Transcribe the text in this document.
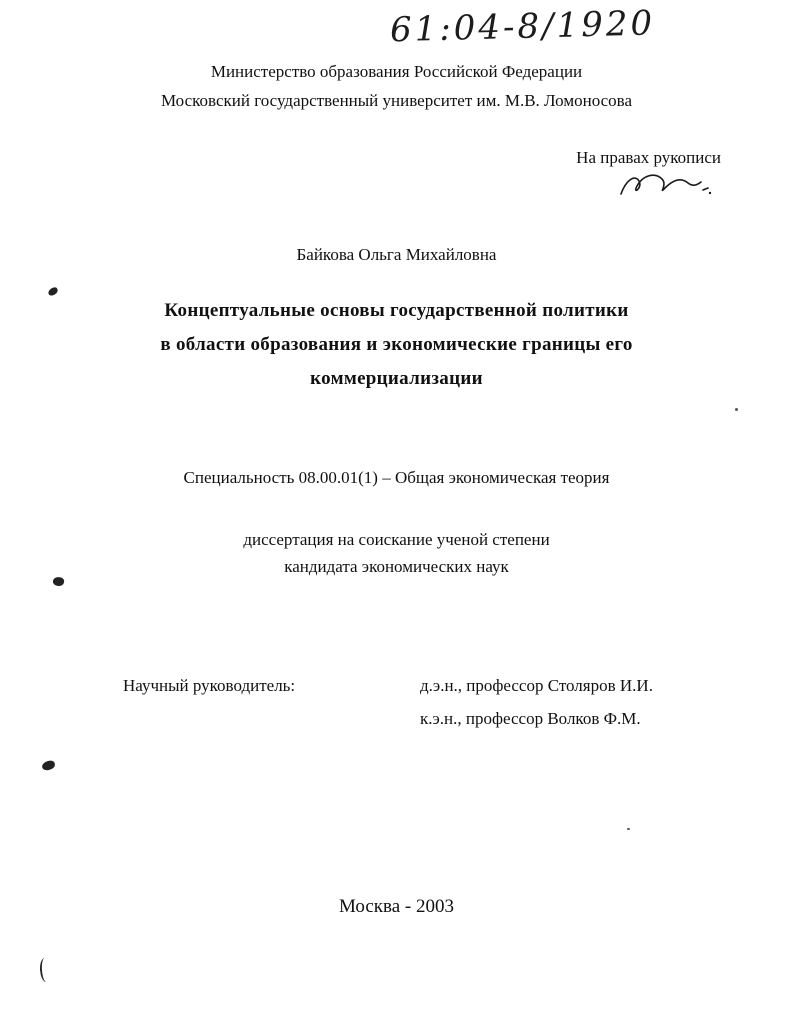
61:04-8/1920
Министерство образования Российской Федерации
Московский государственный университет им. М.В. Ломоносова
На правах рукописи
Байкова Ольга Михайловна
Концептуальные основы государственной политики
в области образования и экономические границы его
коммерциализации
Специальность 08.00.01(1) – Общая экономическая теория
диссертация на соискание ученой степени
кандидата экономических наук
Научный руководитель:	д.э.н., профессор Столяров И.И.
к.э.н., профессор Волков Ф.М.
Москва - 2003
